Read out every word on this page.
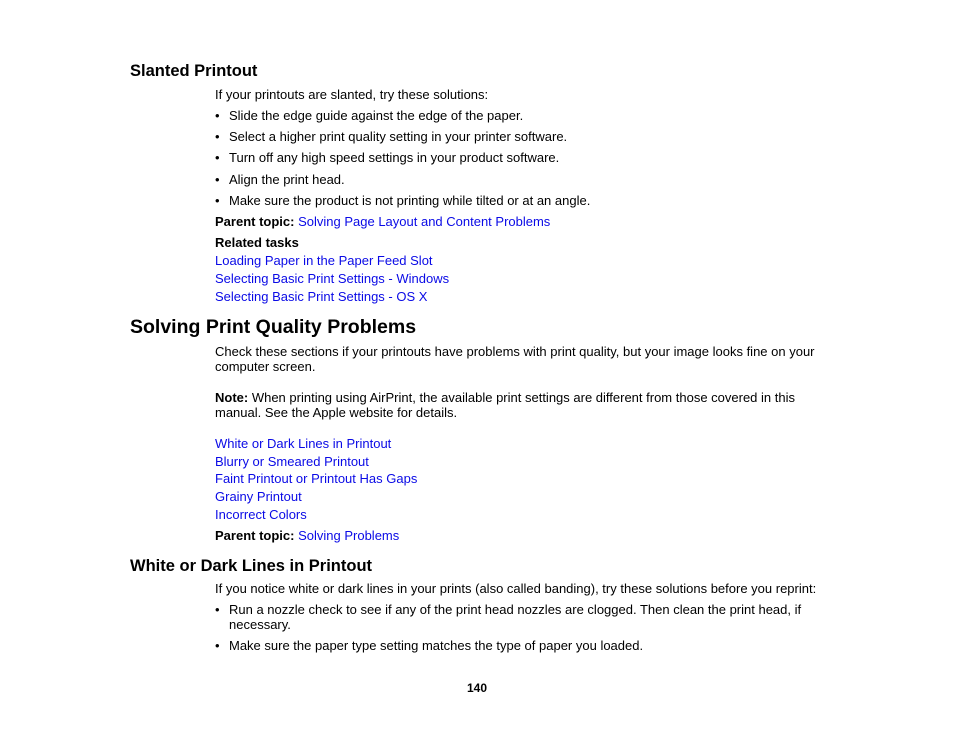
Slanted Printout
If your printouts are slanted, try these solutions:
• Slide the edge guide against the edge of the paper.
• Select a higher print quality setting in your printer software.
• Turn off any high speed settings in your product software.
• Align the print head.
• Make sure the product is not printing while tilted or at an angle.
Parent topic: Solving Page Layout and Content Problems
Related tasks
Loading Paper in the Paper Feed Slot
Selecting Basic Print Settings - Windows
Selecting Basic Print Settings - OS X
Solving Print Quality Problems
Check these sections if your printouts have problems with print quality, but your image looks fine on your computer screen.
Note: When printing using AirPrint, the available print settings are different from those covered in this manual. See the Apple website for details.
White or Dark Lines in Printout
Blurry or Smeared Printout
Faint Printout or Printout Has Gaps
Grainy Printout
Incorrect Colors
Parent topic: Solving Problems
White or Dark Lines in Printout
If you notice white or dark lines in your prints (also called banding), try these solutions before you reprint:
• Run a nozzle check to see if any of the print head nozzles are clogged. Then clean the print head, if necessary.
• Make sure the paper type setting matches the type of paper you loaded.
140
